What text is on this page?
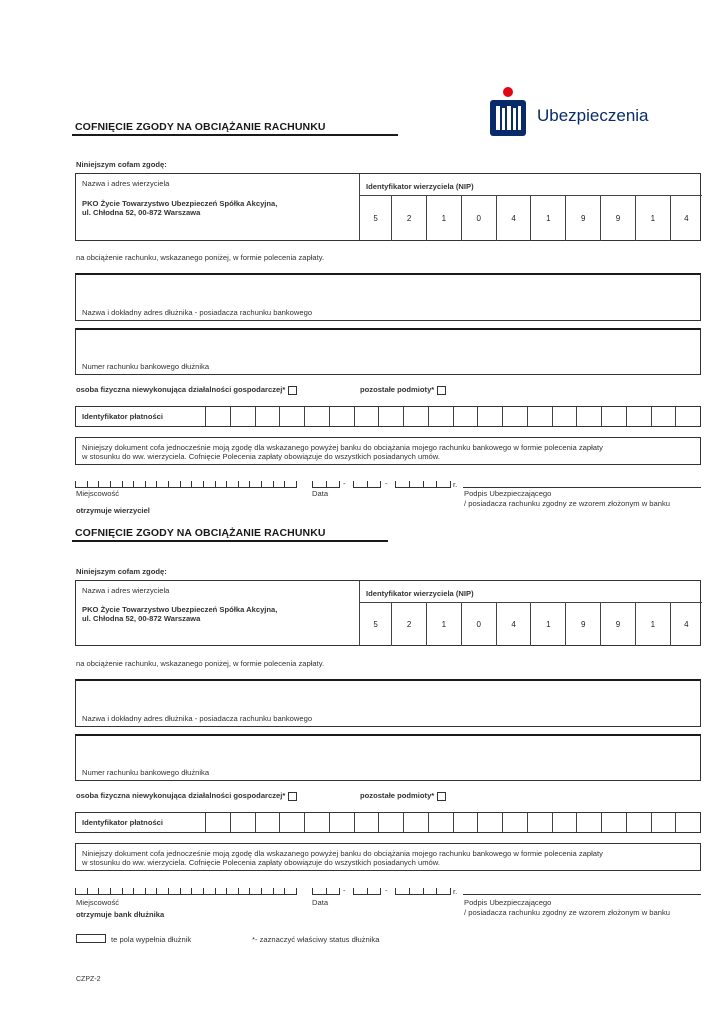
Ubezpieczenia
COFNIĘCIE ZGODY NA OBCIĄŻANIE RACHUNKU
Niniejszym cofam zgodę:
Nazwa i adres wierzyciela
PKO Życie Towarzystwo Ubezpieczeń Spółka Akcyjna,
ul. Chłodna 52, 00-872 Warszawa
Identyfikator wierzyciela (NIP)
5	2	1	0	4	1	9	9	1	4
na obciążenie rachunku, wskazanego poniżej, w formie polecenia zapłaty.
Nazwa i dokładny adres dłużnika - posiadacza rachunku bankowego
Numer rachunku bankowego dłużnika
osoba fizyczna niewykonująca działalności gospodarczej*	pozostałe podmioty*
Identyfikator płatności
Niniejszy dokument cofa jednocześnie moją zgodę dla wskazanego powyżej banku do obciążania mojego rachunku bankowego w formie polecenia zapłaty
w stosunku do ww. wierzyciela. Cofnięcie Polecenia zapłaty obowiązuje do wszystkich posiadanych umów.
-	-	r.
Miejscowość	Data	Podpis Ubezpieczającego
/ posiadacza rachunku zgodny ze wzorem złożonym w banku
otrzymuje wierzyciel
COFNIĘCIE ZGODY NA OBCIĄŻANIE RACHUNKU
Niniejszym cofam zgodę:
Nazwa i adres wierzyciela
PKO Życie Towarzystwo Ubezpieczeń Spółka Akcyjna,
ul. Chłodna 52, 00-872 Warszawa
Identyfikator wierzyciela (NIP)
5	2	1	0	4	1	9	9	1	4
na obciążenie rachunku, wskazanego poniżej, w formie polecenia zapłaty.
Nazwa i dokładny adres dłużnika - posiadacza rachunku bankowego
Numer rachunku bankowego dłużnika
osoba fizyczna niewykonująca działalności gospodarczej*	pozostałe podmioty*
Identyfikator płatności
Niniejszy dokument cofa jednocześnie moją zgodę dla wskazanego powyżej banku do obciążania mojego rachunku bankowego w formie polecenia zapłaty
w stosunku do ww. wierzyciela. Cofnięcie Polecenia zapłaty obowiązuje do wszystkich posiadanych umów.
-	-	r.
Miejscowość	Data	Podpis Ubezpieczającego
/ posiadacza rachunku zgodny ze wzorem złożonym w banku
otrzymuje bank dłużnika
te pola wypełnia dłużnik	*- zaznaczyć właściwy status dłużnika
CZPZ-2
